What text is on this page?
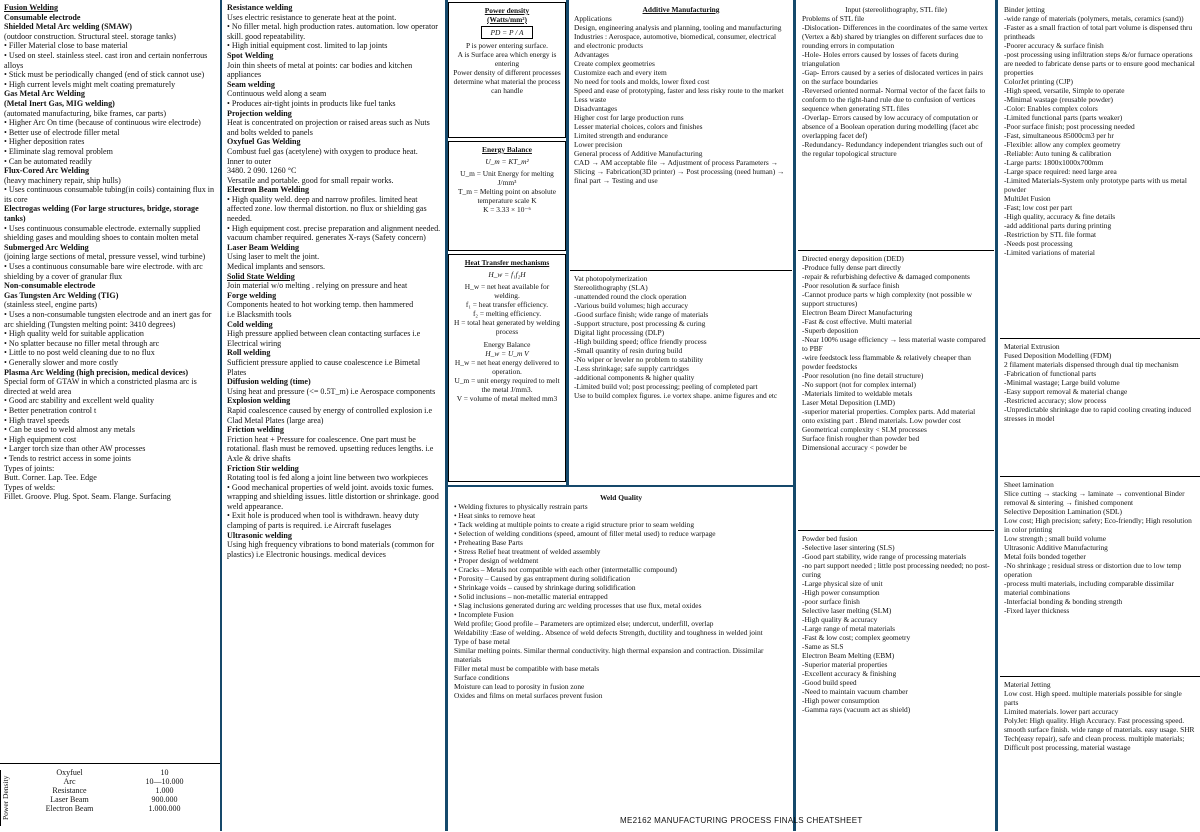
Fusion Welding
Consumable electrode
Shielded Metal Arc welding (SMAW)
(outdoor construction. Structural steel. storage tanks)
• Filler Material close to base material
• Used on steel. stainless steel. cast iron and certain nonferrous alloys
• Stick must be periodically changed (end of stick cannot use)
• High current levels might melt coating prematurely
Gas Metal Arc Welding
(Metal Inert Gas, MIG welding)
(automated manufacturing, bike frames, car parts)
• Higher Arc On time (because of continuous wire electrode)
• Better use of electrode filler metal
• Higher deposition rates
• Eliminate slag removal problem
• Can be automated readily
Flux-Cored Arc Welding
(heavy machinery repair, ship hulls)
• Uses continuous consumable tubing(in coils) containing flux in its core
Electrogas welding (For large structures, bridge, storage tanks)
• Uses continuous consumable electrode. externally supplied shielding gases and moulding shoes to contain molten metal
Submerged Arc Welding
(joining large sections of metal, pressure vessel, wind turbine)
• Uses a continuous consumable bare wire electrode. with arc shielding by a cover of granular flux
Non-consumable electrode
Gas Tungsten Arc Welding (TIG)
(stainless steel, engine parts)
• Uses a non-consumable tungsten electrode and an inert gas for arc shielding (Tungsten melting point: 3410 degrees)
• High quality weld for suitable application
• No splatter because no filler metal through arc
• Little to no post weld cleaning due to no flux
• Generally slower and more costly
Plasma Arc Welding (high precision, medical devices)
Special form of GTAW in which a constricted plasma arc is directed at weld area
• Good arc stability and excellent weld quality
• Better penetration control t
• High travel speeds
• Can be used to weld almost any metals
• High equipment cost
• Larger torch size than other AW processes
• Tends to restrict access in some joints
Types of joints:
Butt. Corner. Lap. Tee. Edge
Types of welds:
Fillet. Groove. Plug. Spot. Seam. Flange. Surfacing
Power Density
Oxyfuel	10
Arc	10—10.000
Resistance	1.000
Laser Beam	900.000
Electron Beam	1.000.000
Resistance welding
Uses electric resistance to generate heat at the point.
• No filler metal. high production rates. automation. low operator skill. good repeatability.
• High initial equipment cost. limited to lap joints
Spot Welding
Join thin sheets of metal at points: car bodies and kitchen appliances
Seam welding
Continuous weld along a seam
• Produces air-tight joints in products like fuel tanks
Projection welding
Heat is concentrated on projection or raised areas such as Nuts and bolts welded to panels
Oxyfuel Gas Welding
Combust fuel gas (acetylene) with oxygen to produce heat.
Inner to outer
3480. 2 090. 1260 °C
Versatile and portable. good for small repair works.
Electron Beam Welding
• High quality weld. deep and narrow profiles. limited heat affected zone. low thermal distortion. no flux or shielding gas needed.
• High equipment cost. precise preparation and alignment needed. vacuum chamber required. generates X-rays (Safety concern)
Laser Beam Welding
Using laser to melt the joint.
Medical implants and sensors.
Solid State Welding
Join material w/o melting . relying on pressure and heat
Forge welding
Components heated to hot working temp. then hammered
i.e Blacksmith tools
Cold welding
High pressure applied between clean contacting surfaces i.e Electrical wiring
Roll welding
Sufficient pressure applied to cause coalescence i.e Bimetal Plates
Diffusion welding (time)
Using heat and pressure (<= 0.5T_m) i.e Aerospace components
Explosion welding
Rapid coalescence caused by energy of controlled explosion i.e Clad Metal Plates (large area)
Friction welding
Friction heat + Pressure for coalescence. One part must be rotational. flash must be removed. upsetting reduces lengths. i.e Axle & drive shafts
Friction Stir welding
Rotating tool is fed along a joint line between two workpieces
• Good mechanical properties of weld joint. avoids toxic fumes. wrapping and shielding issues. little distortion or shrinkage. good weld appearance.
• Exit hole is produced when tool is withdrawn. heavy duty clamping of parts is required. i.e Aircraft fuselages
Ultrasonic welding
Using high frequency vibrations to bond materials (common for plastics) i.e Electronic housings. medical devices
Power density
(Watts/mm²)
PD = P / A
P is power entering surface.
A is Surface area which energy is entering
Power density of different processes determine what material the process can handle
Energy Balance
U_m = KT_m²
U_m = Unit Energy for melting J/mm³
T_m = Melting point on absolute temperature scale K
K = 3.33 × 10⁻⁶
Heat Transfer mechanisms
H_w = f₁f₂H
H_w = net heat available for welding.
f₁ = heat transfer efficiency.
f₂ = melting efficiency.
H = total heat generated by welding process
Energy Balance
H_w = U_m V
H_w = net heat energy delivered to operation.
U_m = unit energy required to melt the metal J/mm3.
V = volume of metal melted mm3
Additive Manufacturing
Applications
Design, engineering analysis and planning, tooling and manufacturing
Industries : Aerospace, automotive, biomedical, consumer, electrical and electronic products
Advantages
Create complex geometries
Customize each and every item
No need for tools and molds, lower fixed cost
Speed and ease of prototyping, faster and less risky route to the market
Less waste
Disadvantages
Higher cost for large production runs
Lesser material choices, colors and finishes
Limited strength and endurance
Lower precision
General process of Additive Manufacturing
CAD → AM acceptable file → Adjustment of process Parameters → Slicing → Fabrication(3D printer) → Post processing (need human) → final part → Testing and use
Vat photopolymerization
Stereolithography (SLA)
-unattended round the clock operation
-Various build volumes; high accuracy
-Good surface finish; wide range of materials
-Support structure, post processing & curing
Digital light processing (DLP)
-High building speed; office friendly process
-Small quantity of resin during build
-No wiper or leveler no problem to stability
-Less shrinkage; safe supply cartridges
-additional components & higher quality
-Limited build vol; post processing; peeling of completed part
Use to build complex figures. i.e vortex shape. anime figures and etc
Weld Quality
• Welding fixtures to physically restrain parts
• Heat sinks to remove heat
• Tack welding at multiple points to create a rigid structure prior to seam welding
• Selection of welding conditions (speed, amount of filler metal used) to reduce warpage
• Preheating Base Parts
• Stress Relief heat treatment of welded assembly
• Proper design of weldment
• Cracks – Metals not compatible with each other (intermetallic compound)
• Porosity – Caused by gas entrapment during solidification
• Shrinkage voids – caused by shrinkage during solidification
• Solid inclusions – non-metallic material entrapped
• Slag inclusions generated during arc welding processes that use flux, metal oxides
• Incomplete Fusion
Weld profile; Good profile – Parameters are optimized else; undercut, underfill, overlap
Weldability :Ease of welding.. Absence of weld defects Strength, ductility and toughness in welded joint
Type of base metal
Similar melting points. Similar thermal conductivity. high thermal expansion and contraction. Dissimilar materials
Filler metal must be compatible with base metals
Surface conditions
Moisture can lead to porosity in fusion zone
Oxides and films on metal surfaces prevent fusion
Input (stereolithography, STL file)
Problems of STL file
-Dislocation- Differences in the coordinates of the same vertex (Vertex a &b) shared by triangles on different surfaces due to rounding errors in computation
-Hole- Holes errors caused by losses of facets during triangulation
-Gap- Errors caused by a series of dislocated vertices in pairs on the surface boundaries
-Reversed oriented normal- Normal vector of the facet fails to conform to the right-hand rule due to confusion of vertices sequence when generating STL files
-Overlap- Errors caused by low accuracy of computation or absence of a Boolean operation during modelling (facet abc overlapping facet def)
-Redundancy- Redundancy independent triangles such out of the regular topological structure
Directed energy deposition (DED)
-Produce fully dense part directly
-repair & refurbishing defective & damaged components
-Poor resolution & surface finish
-Cannot produce parts w high complexity (not possible w support structures)
Electron Beam Direct Manufacturing
-Fast & cost effective. Multi material
-Superb deposition
-Near 100% usage efficiency → less material waste compared to PBF
-wire feedstock less flammable & relatively cheaper than powder feedstocks
-Poor resolution (no fine detail structure)
-No support (not for complex internal)
-Materials limited to weldable metals
Laser Metal Deposition (LMD)
-superior material properties. Complex parts. Add material onto existing part . Blend materials. Low powder cost
Geometrical complexity < SLM processes
Surface finish rougher than powder bed
Dimensional accuracy < powder be
Powder bed fusion
-Selective laser sintering (SLS)
-Good part stability, wide range of processing materials
-no part support needed ; little post processing needed; no post-curing
-Large physical size of unit
-High power consumption
-poor surface finish
Selective laser melting (SLM)
-High quality & accuracy
-Large range of metal materials
-Fast & low cost; complex geometry
-Same as SLS
Electron Beam Melting (EBM)
-Superior material properties
-Excellent accuracy & finishing
-Good build speed
-Need to maintain vacuum chamber
-High power consumption
-Gamma rays (vacuum act as shield)
Binder jetting
-wide range of materials (polymers, metals, ceramics (sand))
-Faster as a small fraction of total part volume is dispensed thru printheads
-Poorer accuracy & surface finish
-post processing using infiltration steps &/or furnace operations are needed to fabricate dense parts or to ensure good mechanical properties
ColorJet printing (CJP)
-High speed, versatile, Simple to operate
-Minimal wastage (reusable powder)
-Color: Enables complex colors
-Limited functional parts (parts weaker)
-Poor surface finish; post processing needed
-Fast, simultaneous 85000cm3 per hr
-Flexible: allow any complex geometry
-Reliable: Auto tuning & calibration
-Large parts: 1800x1000x700mm
-Large space required: need large area
-Limited Materials-System only prototype parts with us metal powder
MultiJet Fusion
-Fast; low cost per part
-High quality, accuracy & fine details
-add additional parts during printing
-Restriction by STL file format
-Needs post processing
-Limited variations of material
Material Extrusion
Fused Deposition Modelling (FDM)
2 filament materials dispensed through dual tip mechanism
-Fabrication of functional parts
-Minimal wastage; Large build volume
-Easy support removal & material change
-Restricted accuracy; slow process
-Unpredictable shrinkage due to rapid cooling creating induced stresses in model
Sheet lamination
Slice cutting → stacking → laminate → conventional Binder removal & sintering → finished component
Selective Deposition Lamination (SDL)
Low cost; High precision; safety; Eco-friendly; High resolution in color printing
Low strength ; small build volume
Ultrasonic Additive Manufacturing
Metal foils bonded together
-No shrinkage ; residual stress or distortion due to low temp operation
-process multi materials, including comparable dissimilar material combinations
-Interfacial bonding & bonding strength
-Fixed layer thickness
Material Jetting
Low cost. High speed. multiple materials possible for single parts
Limited materials. lower part accuracy
PolyJet: High quality. High Accuracy. Fast processing speed. smooth surface finish. wide range of materials. easy usage. SHR Tech(easy repair), safe and clean process. multiple materials; Difficult post processing, material wastage
ME2162 MANUFACTURING PROCESS FINALS CHEATSHEET
